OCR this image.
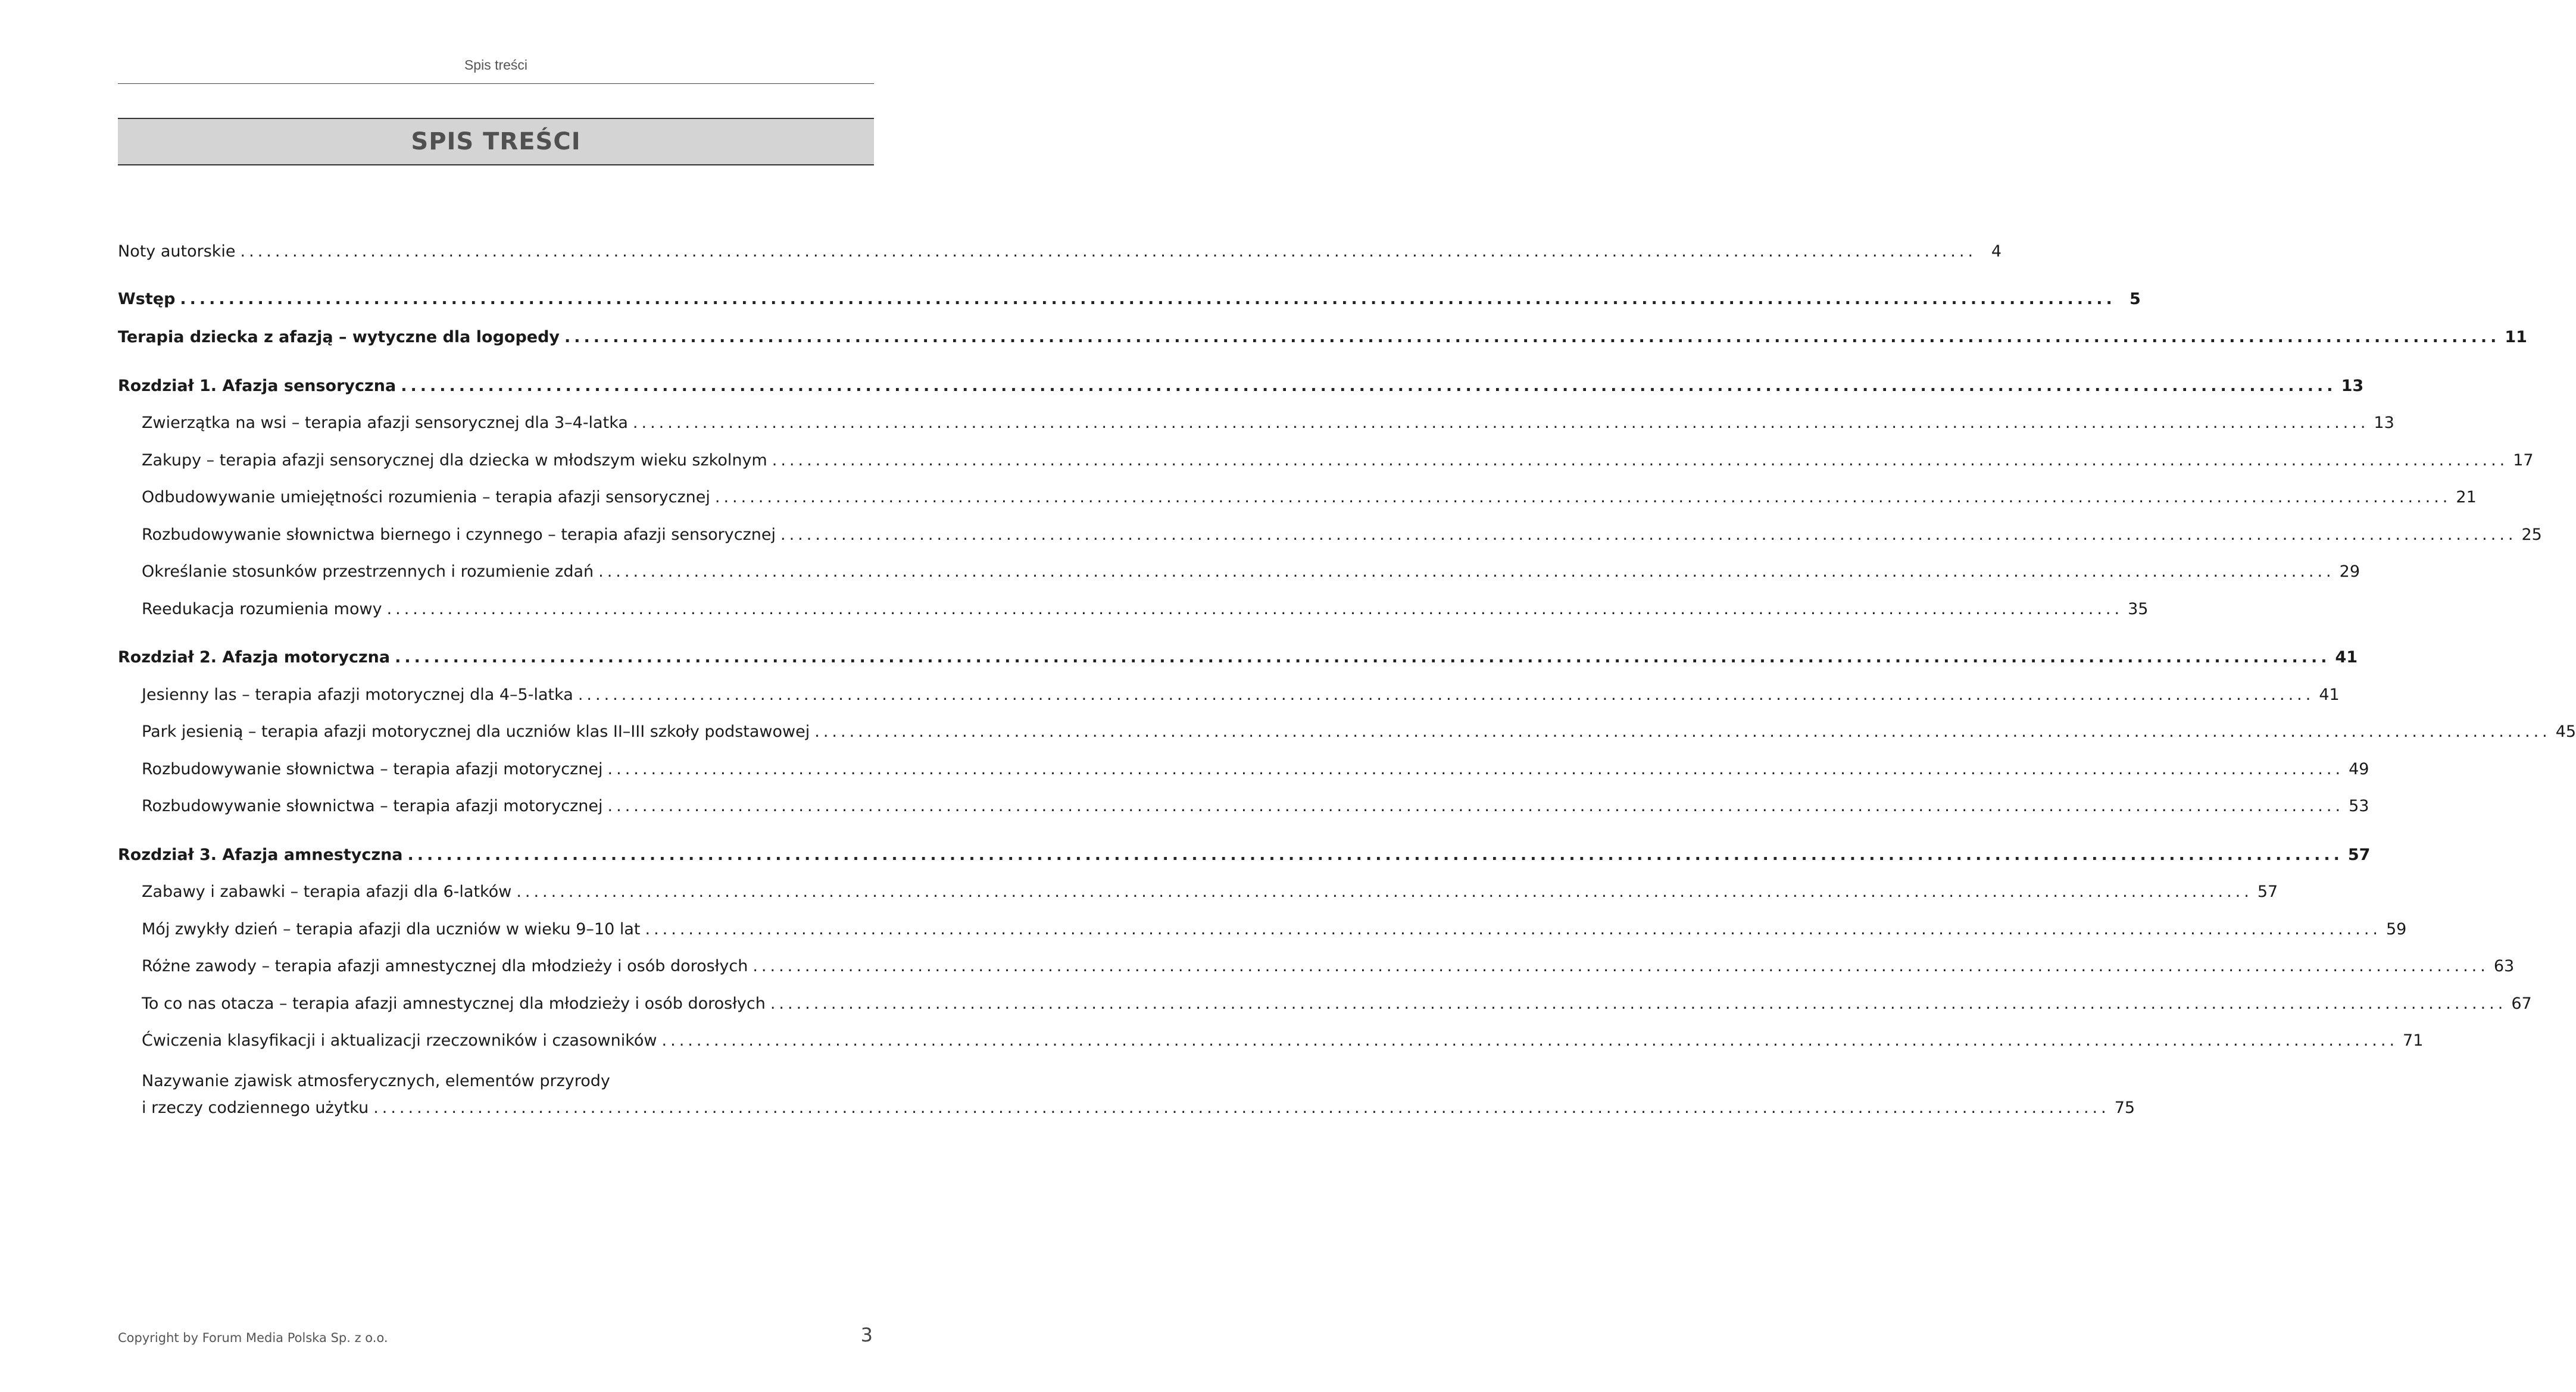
Spis treści
SPIS TREŚCI
Noty autorskie ........................................................................................................................................................................................................ 4
Wstęp ........................................................................................................................................................................................................ 5
Terapia dziecka z afazją – wytyczne dla logopedy ........................................................................................................................................................................................................ 11
Rozdział 1. Afazja sensoryczna ........................................................................................................................................................................................................ 13
Zwierzątka na wsi – terapia afazji sensorycznej dla 3–4-latka ........................................................................................................................................................................................................ 13
Zakupy – terapia afazji sensorycznej dla dziecka w młodszym wieku szkolnym ........................................................................................................................................................................................................ 17
Odbudowywanie umiejętności rozumienia – terapia afazji sensorycznej ........................................................................................................................................................................................................ 21
Rozbudowywanie słownictwa biernego i czynnego – terapia afazji sensorycznej ........................................................................................................................................................................................................ 25
Określanie stosunków przestrzennych i rozumienie zdań ........................................................................................................................................................................................................ 29
Reedukacja rozumienia mowy ........................................................................................................................................................................................................ 35
Rozdział 2. Afazja motoryczna ........................................................................................................................................................................................................ 41
Jesienny las – terapia afazji motorycznej dla 4–5-latka ........................................................................................................................................................................................................ 41
Park jesienią – terapia afazji motorycznej dla uczniów klas II–III szkoły podstawowej ........................................................................................................................................................................................................ 45
Rozbudowywanie słownictwa – terapia afazji motorycznej ........................................................................................................................................................................................................ 49
Rozbudowywanie słownictwa – terapia afazji motorycznej ........................................................................................................................................................................................................ 53
Rozdział 3. Afazja amnestyczna ........................................................................................................................................................................................................ 57
Zabawy i zabawki – terapia afazji dla 6-latków ........................................................................................................................................................................................................ 57
Mój zwykły dzień – terapia afazji dla uczniów w wieku 9–10 lat ........................................................................................................................................................................................................ 59
Różne zawody – terapia afazji amnestycznej dla młodzieży i osób dorosłych ........................................................................................................................................................................................................ 63
To co nas otacza – terapia afazji amnestycznej dla młodzieży i osób dorosłych ........................................................................................................................................................................................................ 67
Ćwiczenia klasyfikacji i aktualizacji rzeczowników i czasowników ........................................................................................................................................................................................................ 71
Nazywanie zjawisk atmosferycznych, elementów przyrody
i rzeczy codziennego użytku ........................................................................................................................................................................................................ 75
Copyright by Forum Media Polska Sp. z o.o.	3
